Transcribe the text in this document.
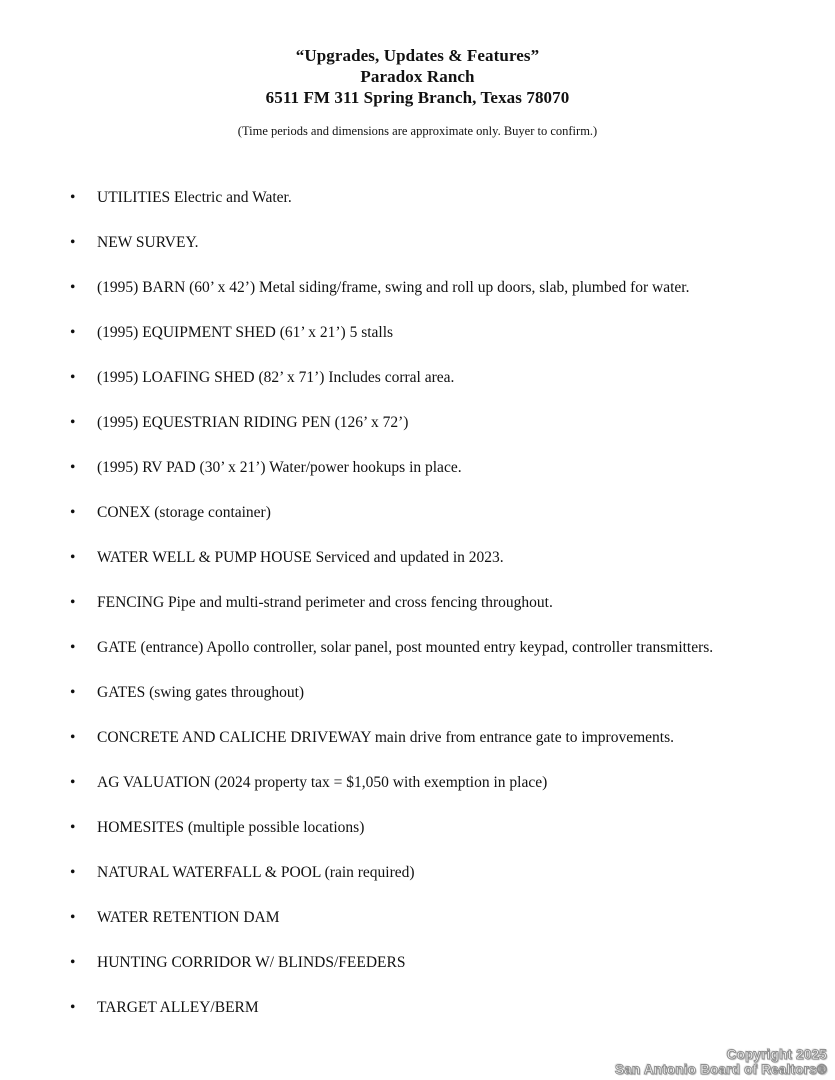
“Upgrades, Updates & Features”
Paradox Ranch
6511 FM 311 Spring Branch, Texas 78070

(Time periods and dimensions are approximate only. Buyer to confirm.)

•	UTILITIES Electric and Water.
•	NEW SURVEY.
•	(1995) BARN (60’ x 42’) Metal siding/frame, swing and roll up doors, slab, plumbed for water.
•	(1995) EQUIPMENT SHED (61’ x 21’) 5 stalls
•	(1995) LOAFING SHED (82’ x 71’) Includes corral area.
•	(1995) EQUESTRIAN RIDING PEN (126’ x 72’)
•	(1995) RV PAD (30’ x 21’) Water/power hookups in place.
•	CONEX (storage container)
•	WATER WELL & PUMP HOUSE Serviced and updated in 2023.
•	FENCING Pipe and multi-strand perimeter and cross fencing throughout.
•	GATE (entrance) Apollo controller, solar panel, post mounted entry keypad, controller transmitters.
•	GATES (swing gates throughout)
•	CONCRETE AND CALICHE DRIVEWAY main drive from entrance gate to improvements.
•	AG VALUATION (2024 property tax = $1,050 with exemption in place)
•	HOMESITES (multiple possible locations)
•	NATURAL WATERFALL & POOL (rain required)
•	WATER RETENTION DAM
•	HUNTING CORRIDOR W/ BLINDS/FEEDERS
•	TARGET ALLEY/BERM
Copyright 2025
San Antonio Board of Realtors®
